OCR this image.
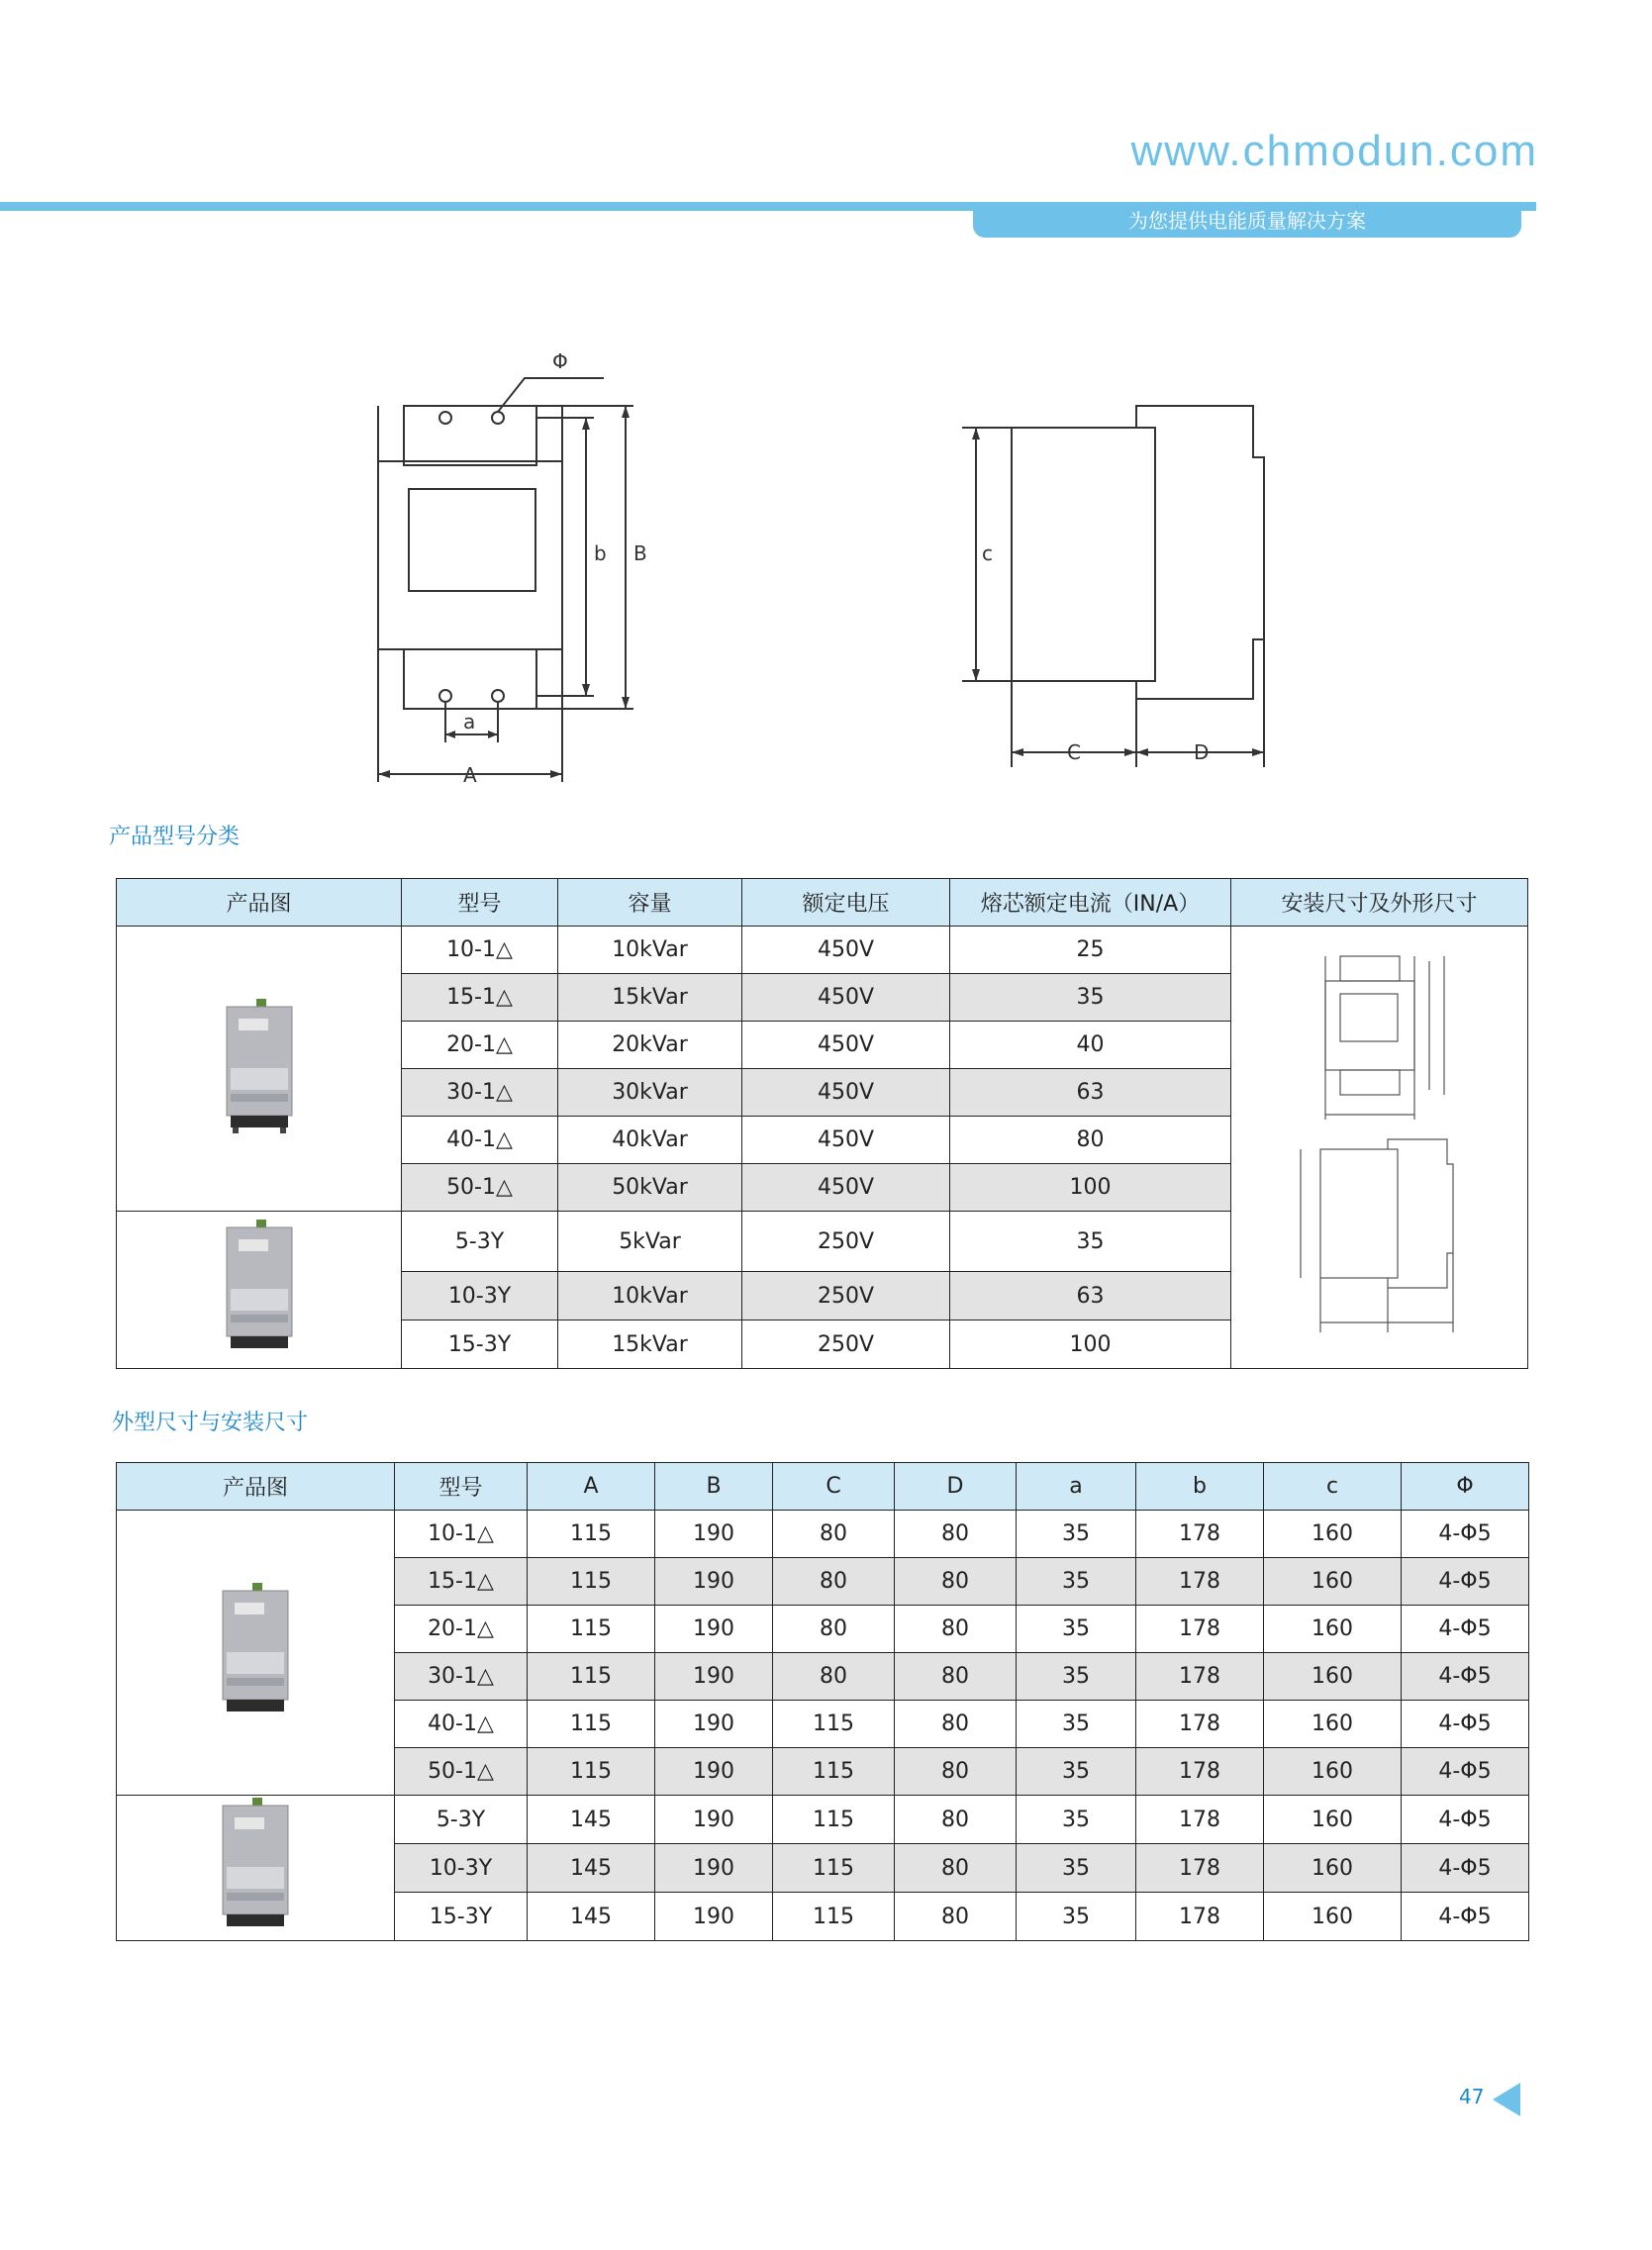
www.chmodun.com
为您提供电能质量解决方案
Φ
a
A
b B	c
C	D
产品型号分类
产品图	型号	容量	额定电压	熔芯额定电流（IN/A）	安装尺寸及外形尺寸
	10-1△	10kVar	450V	25	
	15-1△	15kVar	450V	35	
	20-1△	20kVar	450V	40	
	30-1△	30kVar	450V	63	
	40-1△	40kVar	450V	80	
	50-1△	50kVar	450V	100	
	5-3Y	5kVar	250V	35	
	10-3Y	10kVar	250V	63	
	15-3Y	15kVar	250V	100	
外型尺寸与安装尺寸
产品图	型号	A	B	C	D	a	b	c	Φ
	10-1△	115	190	80	80	35	178	160	4-Φ5
	15-1△	115	190	80	80	35	178	160	4-Φ5
	20-1△	115	190	80	80	35	178	160	4-Φ5
	30-1△	115	190	80	80	35	178	160	4-Φ5
	40-1△	115	190	115	80	35	178	160	4-Φ5
	50-1△	115	190	115	80	35	178	160	4-Φ5
	5-3Y	145	190	115	80	35	178	160	4-Φ5
	10-3Y	145	190	115	80	35	178	160	4-Φ5
	15-3Y	145	190	115	80	35	178	160	4-Φ5
47
